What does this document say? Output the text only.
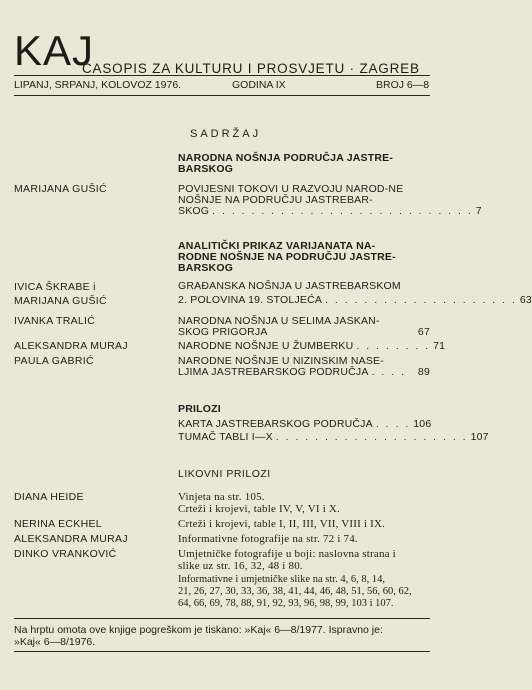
KAJ
ČASOPIS ZA KULTURU I PROSVJETU · ZAGREB
LIPANJ, SRPANJ, KOLOVOZ 1976.	GODINA IX	BROJ 6—8
SADRŽAJ
NARODNA NOŠNJA PODRUČJA JASTRE-BARSKOG
MARIJANA GUŠIĆ	POVIJESNI TOKOVI U RAZVOJU NAROD-NE NOŠNJE NA PODRUČJU JASTREBAR-
SKOG . . . . . . . . . . . . . . . . . . . . . . . . . . . 7
ANALITIČKI PRIKAZ VARIJANATA NA-RODNE NOŠNJE NA PODRUČJU JASTRE-BARSKOG
IVICA ŠKRABE i
MARIJANA GUŠIĆ
GRAĐANSKA NOŠNJA U JASTREBARSKOM
2. POLOVINA 19. STOLJEĆA . . . . . . . . . . . . . . . . . . . . 63
IVANKA TRALIĆ	NARODNA NOŠNJA U SELIMA JASKAN-
SKOG PRIGORJA	67
ALEKSANDRA MURAJ	NARODNE NOŠNJE U ŽUMBERKU . . . . . . . . 71
PAULA GABRIĆ	NARODNE NOŠNJE U NIZINSKIM NASE-
LJIMA JASTREBARSKOG PODRUČJA . . . .	89
PRILOZI
KARTA JASTREBARSKOG PODRUČJA . . . . 106
TUMAČ TABLI I—X . . . . . . . . . . . . . . . . . . . . 107
LIKOVNI PRILOZI
DIANA HEIDE	Vinjeta na str. 105.
Crteži i krojevi, table IV, V, VI i X.
NERINA ECKHEL	Crteži i krojevi, table I, II, III, VII, VIII i IX.
ALEKSANDRA MURAJ	Informativne fotografije na str. 72 i 74.
DINKO VRANKOVIĆ	Umjetničke fotografije u boji: naslovna strana i
slike uz str. 16, 32, 48 i 80.
Informativne i umjetničke slike na str. 4, 6, 8, 14,
21, 26, 27, 30, 33, 36, 38, 41, 44, 46, 48, 51, 56, 60, 62,
64, 66, 69, 78, 88, 91, 92, 93, 96, 98, 99, 103 i 107.
Na hrptu omota ove knjige pogreškom je tiskano: »Kaj« 6—8/1977. Ispravno je:
»Kaj« 6—8/1976.
